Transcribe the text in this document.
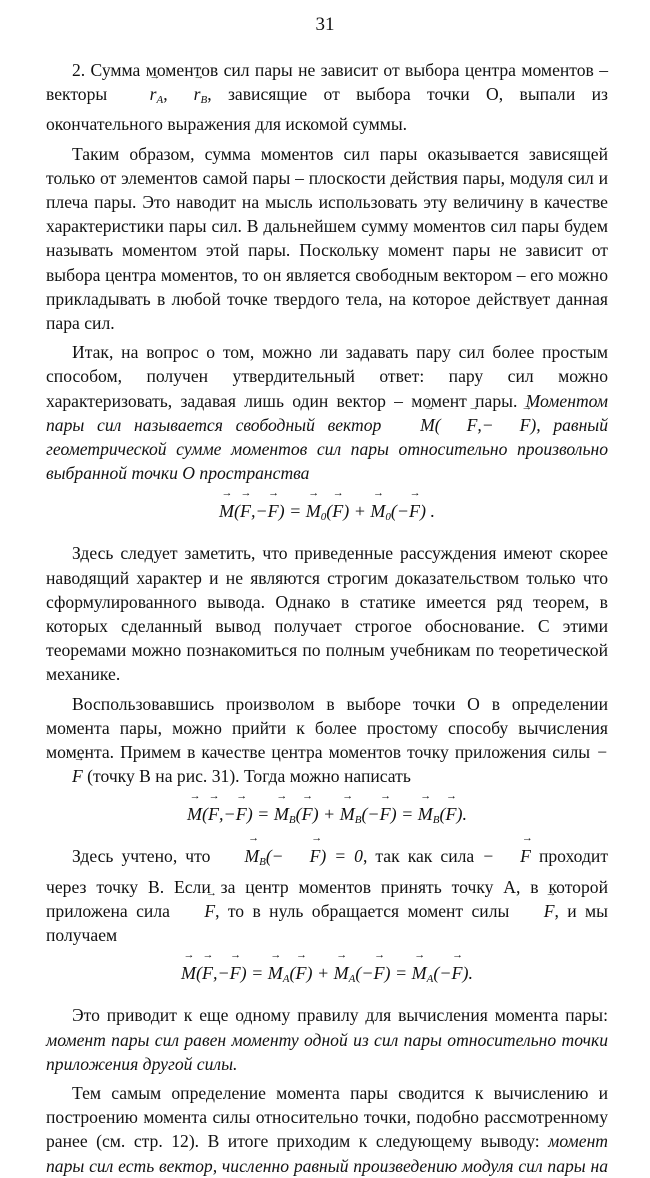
31

2. Сумма моментов сил пары не зависит от выбора центра моментов – векторы → $r_A,\to r_B$, зависящие от выбора точки O, выпали из окончательного выражения для искомой суммы.

Таким образом, сумма моментов сил пары оказывается зависящей только от элементов самой пары – плоскости действия пары, модуля сил и плеча пары. Это наводит на мысль использовать эту величину в качестве характеристики пары сил. В дальнейшем сумму моментов сил пары будем называть моментом этой пары. Поскольку момент пары не зависит от выбора центра моментов, то он является свободным вектором – его можно прикладывать в любой точке твердого тела, на которое действует данная пара сил.

Итак, на вопрос о том, можно ли задавать пару сил более простым способом, получен утвердительный ответ: пару сил можно характеризовать, задавая лишь один вектор – момент пары. Моментом пары сил называется свободный вектор → M(→ F,−→ F), равный геометрической сумме моментов сил пары относительно произвольно выбранной точки O пространства

→ M(→ F,−→ F) = → $M_0(\to F)$ + → $M_0(-\to F)$ .

Здесь следует заметить, что приведенные рассуждения имеют скорее наводящий характер и не являются строгим доказательством только что сформулированного вывода. Однако в статике имеется ряд теорем, в которых сделанный вывод получает строгое обоснование. С этими теоремами можно познакомиться по полным учебникам по теоретической механике.

Воспользовавшись произволом в выборе точки O в определении момента пары, можно прийти к более простому способу вычисления момента. Примем в качестве центра моментов точку приложения силы −→ F (точку B на рис. 31). Тогда можно написать

→ M(→ F,−→ F) = → $M_B(\to F)$ + → $M_B(-\to F)$ = → $M_B(\to F)$.

Здесь учтено, что → $M_B(-\to F) = 0$, так как сила −→ F проходит через точку B. Если за центр моментов принять точку A, в которой приложена сила → F, то в нуль обращается момент силы → F, и мы получаем

→ M(→ F,−→ F) = → $M_A(\to F)$ + → $M_A(-\to F)$ = → $M_A(-\to F)$.

Это приводит к еще одному правилу для вычисления момента пары: момент пары сил равен моменту одной из сил пары относительно точки приложения другой силы.

Тем самым определение момента пары сводится к вычислению и построению момента силы относительно точки, подобно рассмотренному ранее (см. стр. 12). В итоге приходим к следующему выводу: момент пары сил есть вектор, численно равный произведению модуля сил пары на
